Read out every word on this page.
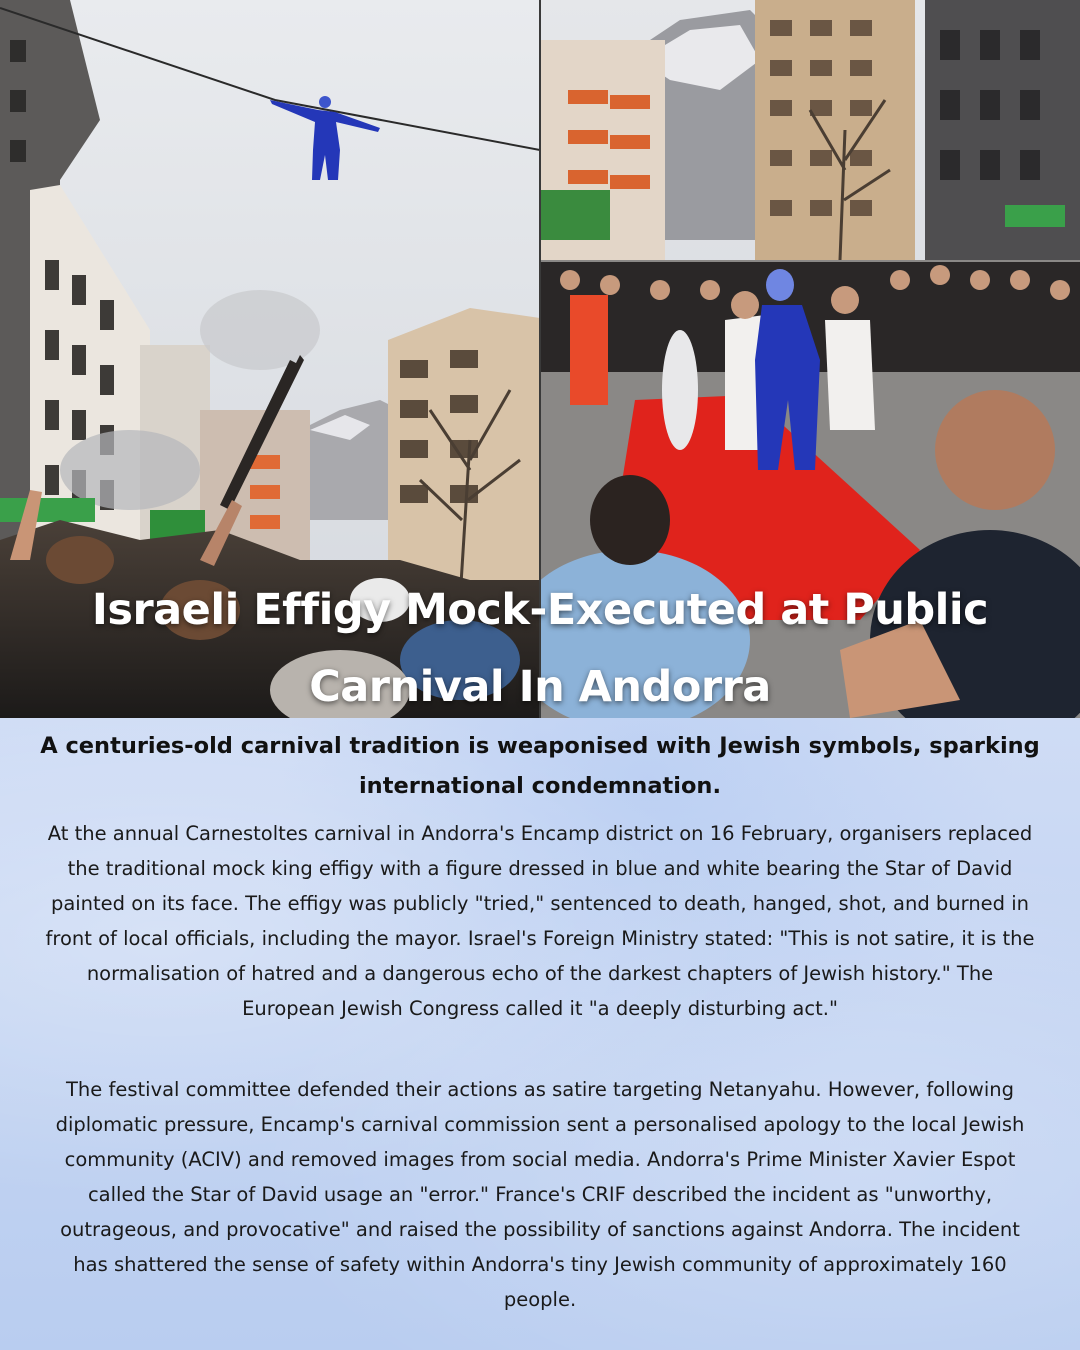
Israeli Effigy Mock-Executed at Public Carnival In Andorra
A centuries-old carnival tradition is weaponised with Jewish symbols, sparking international condemnation.

At the annual Carnestoltes carnival in Andorra's Encamp district on 16 February, organisers replaced the traditional mock king effigy with a figure dressed in blue and white bearing the Star of David painted on its face. The effigy was publicly "tried," sentenced to death, hanged, shot, and burned in front of local officials, including the mayor. Israel's Foreign Ministry stated: "This is not satire, it is the normalisation of hatred and a dangerous echo of the darkest chapters of Jewish history." The European Jewish Congress called it "a deeply disturbing act."

The festival committee defended their actions as satire targeting Netanyahu. However, following diplomatic pressure, Encamp's carnival commission sent a personalised apology to the local Jewish community (ACIV) and removed images from social media. Andorra's Prime Minister Xavier Espot called the Star of David usage an "error." France's CRIF described the incident as "unworthy, outrageous, and provocative" and raised the possibility of sanctions against Andorra. The incident has shattered the sense of safety within Andorra's tiny Jewish community of approximately 160 people.
